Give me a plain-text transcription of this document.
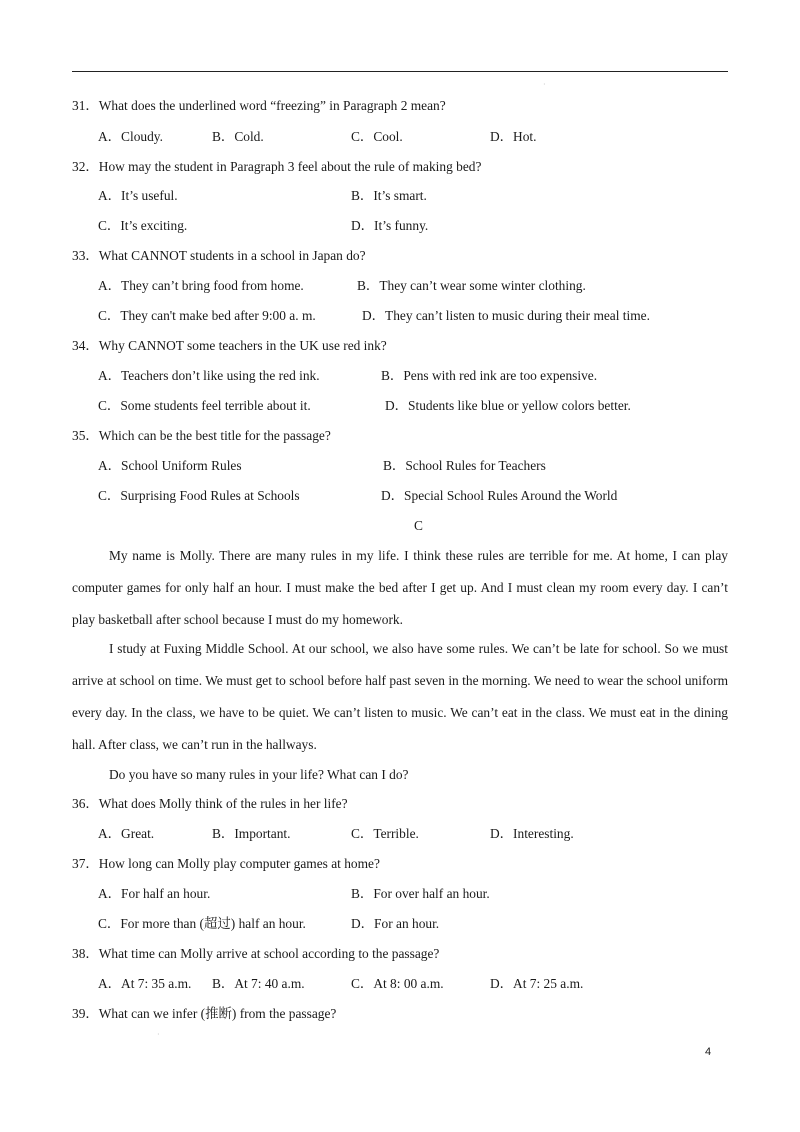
·
31．What does the underlined word “freezing” in Paragraph 2 mean?
A．Cloudy.	B．Cold.	C．Cool.	D．Hot.
32．How may the student in Paragraph 3 feel about the rule of making bed?
A．It’s useful.	B．It’s smart.
C．It’s exciting.	D．It’s funny.
33．What CANNOT students in a school in Japan do?
A．They can’t bring food from home.	B．They can’t wear some winter clothing.
C．They can't make bed after 9:00 a. m.	D．They can’t listen to music during their meal time.
34．Why CANNOT some teachers in the UK use red ink?
A．Teachers don’t like using the red ink.	B．Pens with red ink are too expensive.
C．Some students feel terrible about it.	D．Students like blue or yellow colors better.
35．Which can be the best title for the passage?
A．School Uniform Rules	B．School Rules for Teachers
C．Surprising Food Rules at Schools	D．Special School Rules Around the World
C
My name is Molly. There are many rules in my life. I think these rules are terrible for me. At home, I can play computer games for only half an hour. I must make the bed after I get up. And I must clean my room every day. I can’t play basketball after school because I must do my homework.
I study at Fuxing Middle School. At our school, we also have some rules. We can’t be late for school. So we must arrive at school on time. We must get to school before half past seven in the morning. We need to wear the school uniform every day. In the class, we have to be quiet. We can’t listen to music. We can’t eat in the class. We must eat in the dining hall. After class, we can’t run in the hallways.
Do you have so many rules in your life? What can I do?
36．What does Molly think of the rules in her life?
A．Great.	B．Important.	C．Terrible.	D．Interesting.
37．How long can Molly play computer games at home?
A．For half an hour.	B．For over half an hour.
C．For more than (超过) half an hour.	D．For an hour.
38．What time can Molly arrive at school according to the passage?
A．At 7: 35 a.m. B．At 7: 40 a.m.	C．At 8: 00 a.m.	D．At 7: 25 a.m.
39．What can we infer (推断) from the passage?
·
4
